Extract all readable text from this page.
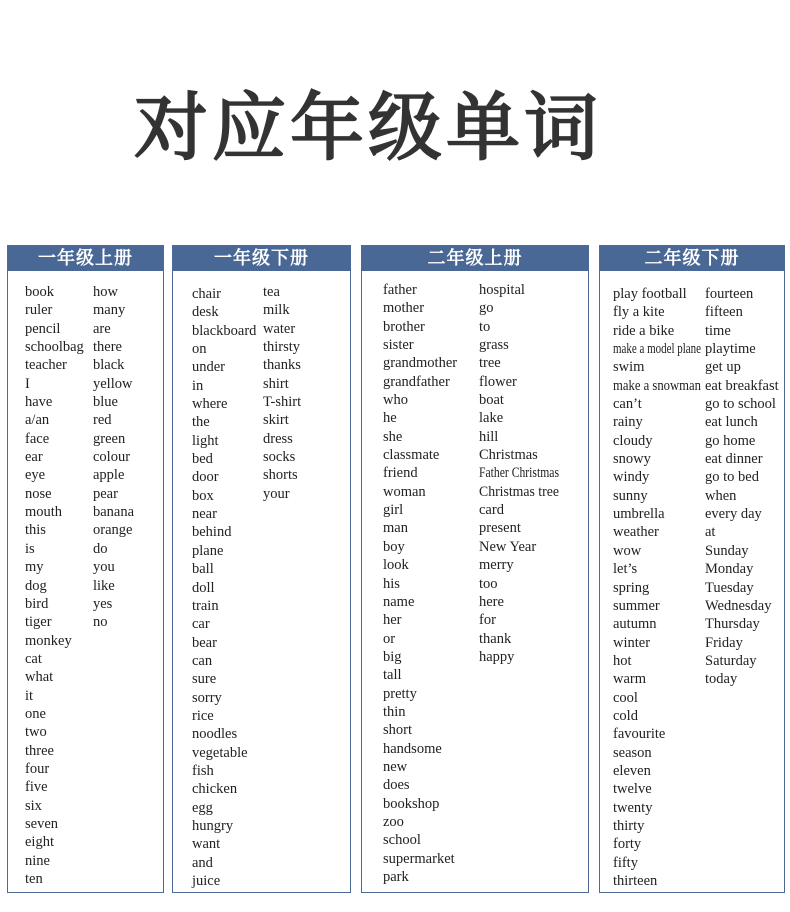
对应年级单词
一年级上册
book
ruler
pencil
schoolbag
teacher
I
have
a/an
face
ear
eye
nose
mouth
this
is
my
dog
bird
tiger
monkey
cat
what
it
one
two
three
four
five
six
seven
eight
nine
ten
how
many
are
there
black
yellow
blue
red
green
colour
apple
pear
banana
orange
do
you
like
yes
no
一年级下册
chair
desk
blackboard
on
under
in
where
the
light
bed
door
box
near
behind
plane
ball
doll
train
car
bear
can
sure
sorry
rice
noodles
vegetable
fish
chicken
egg
hungry
want
and
juice
tea
milk
water
thirsty
thanks
shirt
T-shirt
skirt
dress
socks
shorts
your
二年级上册
father
mother
brother
sister
grandmother
grandfather
who
he
she
classmate
friend
woman
girl
man
boy
look
his
name
her
or
big
tall
pretty
thin
short
handsome
new
does
bookshop
zoo
school
supermarket
park
hospital
go
to
grass
tree
flower
boat
lake
hill
Christmas
Father Christmas
Christmas tree
card
present
New Year
merry
too
here
for
thank
happy
二年级下册
play football
fly a kite
ride a bike
make a model plane
swim
make a snowman
can’t
rainy
cloudy
snowy
windy
sunny
umbrella
weather
wow
let’s
spring
summer
autumn
winter
hot
warm
cool
cold
favourite
season
eleven
twelve
twenty
thirty
forty
fifty
thirteen
fourteen
fifteen
time
playtime
get up
eat breakfast
go to school
eat lunch
go home
eat dinner
go to bed
when
every day
at
Sunday
Monday
Tuesday
Wednesday
Thursday
Friday
Saturday
today
